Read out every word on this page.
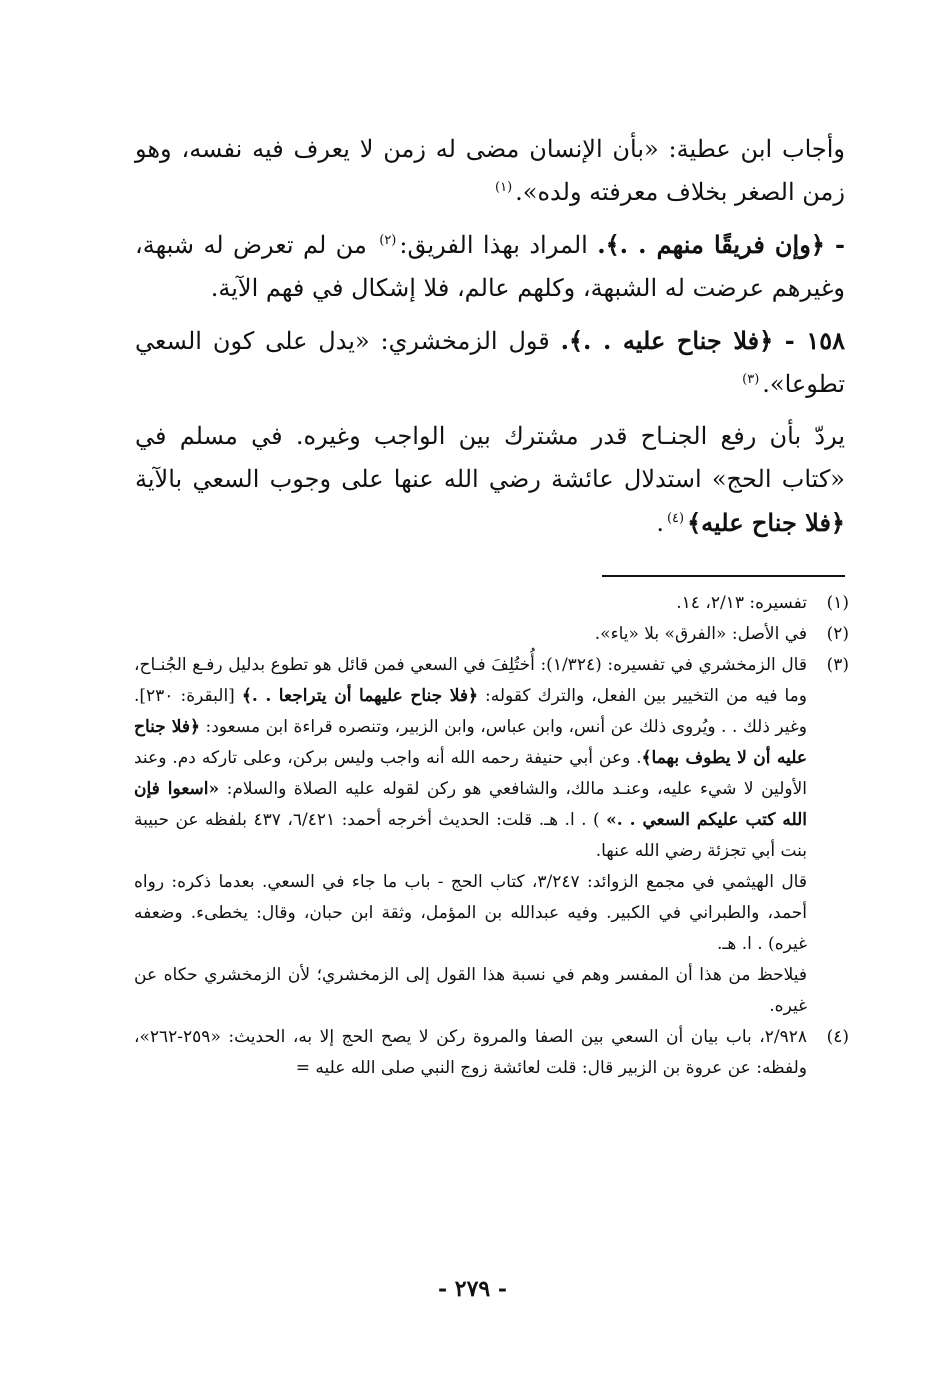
وأجاب ابن عطية: «بأن الإنسان مضى له زمن لا يعرف فيه نفسه، وهو زمن الصغر بخلاف معرفته ولده».$^{(١)}$

- ﴿وإن فريقًا منهم . .﴾. المراد بهذا الفريق:$^{(٢)}$ من لم تعرض له شبهة، وغيرهم عرضت له الشبهة، وكلهم عالم، فلا إشكال في فهم الآية.

١٥٨ - ﴿فلا جناح عليه . .﴾. قول الزمخشري: «يدل على كون السعي تطوعا».$^{(٣)}$

يردّ بأن رفع الجنـاح قدر مشترك بين الواجب وغيره. في مسلم في «كتاب الحج» استدلال عائشة رضي الله عنها على وجوب السعي بالآية ﴿فلا جناح عليه﴾$^{(٤)}$.

(١)
تفسيره: ٢/١٣، ١٤.
(٢)
في الأصل: «الفرق» بلا «ياء».
(٣)

قال الزمخشري في تفسيره: (١/٣٢٤): أُختُلِفَ في السعي فمن قائل هو تطوع بدليل رفـع الجُنـاح، وما فيه من التخيير بين الفعل، والترك كقوله: ﴿فلا جناح عليهما أن يتراجعا . .﴾ [البقرة: ٢٣٠]. وغير ذلك . . ويُروى ذلك عن أنس، وابن عباس، وابن الزبير، وتنصره قراءة ابن مسعود: ﴿فلا جناح عليه أن لا يطوف بهما﴾. وعن أبي حنيفة رحمه الله أنه واجب وليس بركن، وعلى تاركه دم. وعند الأولين لا شيء عليه، وعنـد مالك، والشافعي هو ركن لقوله عليه الصلاة والسلام: «اسعوا فإن الله كتب عليكم السعي . .» ) . ا. هـ. قلت: الحديث أخرجه أحمد: ٦/٤٢١، ٤٣٧ بلفظه عن حبيبة بنت أبي تجزئة رضي الله عنها.

قال الهيثمي في مجمع الزوائد: ٣/٢٤٧، كتاب الحج - باب ما جاء في السعي. بعدما ذكره: رواه أحمد، والطبراني في الكبير. وفيه عبدالله بن المؤمل، وثقة ابن حبان، وقال: يخطىء. وضعفه غيره) . ا. هـ.

فيلاحظ من هذا أن المفسر وهم في نسبة هذا القول إلى الزمخشري؛ لأن الزمخشري حكاه عن غيره.

(٤)
٢/٩٢٨، باب بيان أن السعي بين الصفا والمروة ركن لا يصح الحج إلا به، الحديث: «٢٥٩-٢٦٢»، ولفظه: عن عروة بن الزبير قال: قلت لعائشة زوج النبي صلى الله عليه =
- ٢٧٩ -
